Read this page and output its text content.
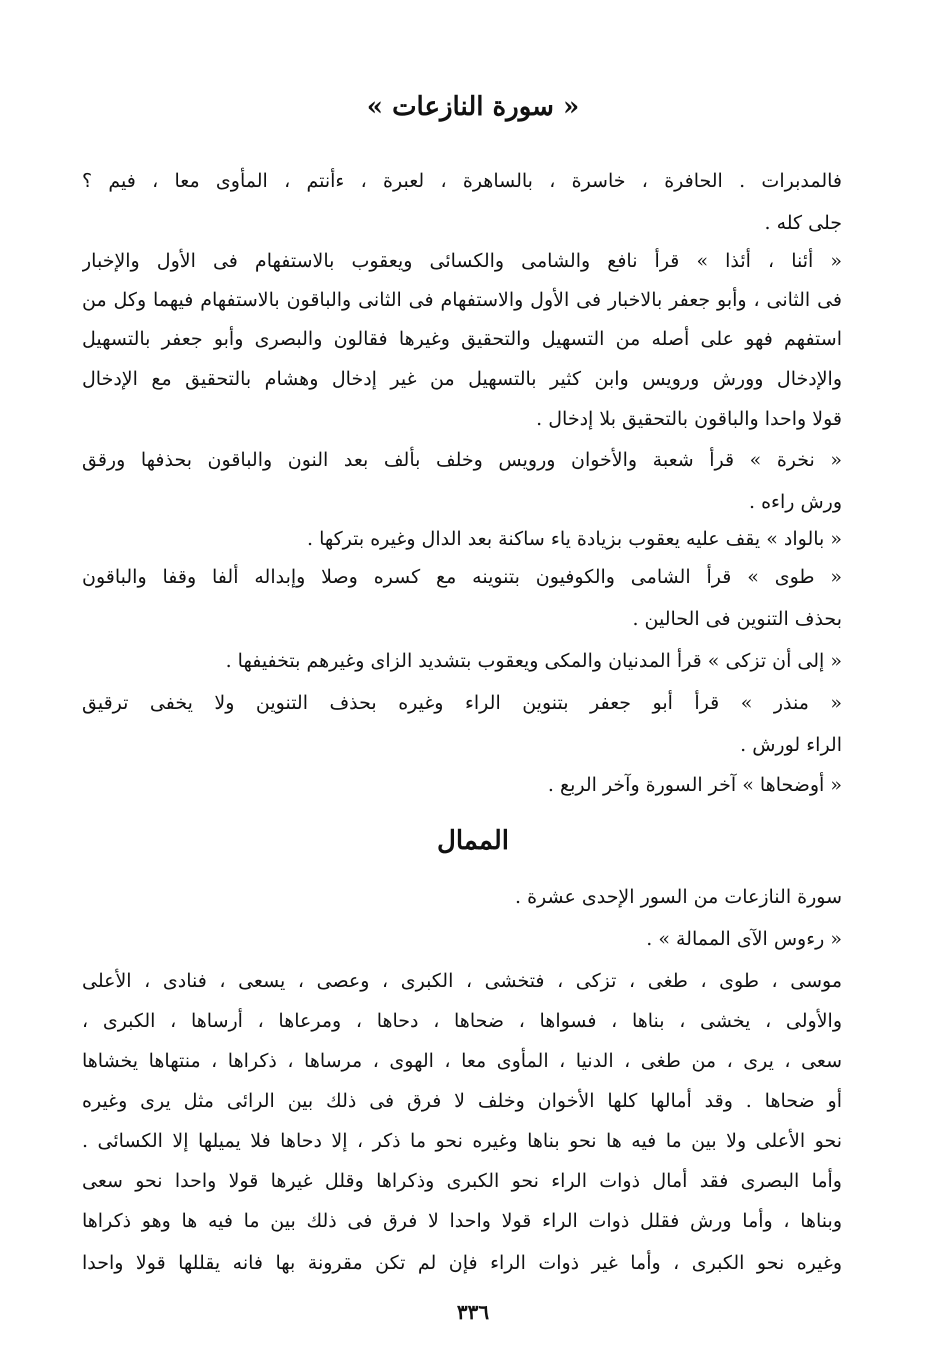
« سورة النازعات »
فالمدبرات . الحافرة ، خاسرة ، بالساهرة ، لعبرة ، ءأنتم ، المأوى معا ، فيم ؟
جلى كله .
« أئنا ، أئذا » قرأ نافع والشامى والكسائى ويعقوب بالاستفهام فى الأول والإخبار
فى الثانى ، وأبو جعفر بالاخبار فى الأول والاستفهام فى الثانى والباقون بالاستفهام فيهما وكل من
استفهم فهو على أصله من التسهيل والتحقيق وغيرها فقالون والبصرى وأبو جعفر بالتسهيل
والإدخال وورش ورويس وابن كثير بالتسهيل من غير إدخال وهشام بالتحقيق مع الإدخال
قولا واحدا والباقون بالتحقيق بلا إدخال .
« نخرة » قرأ شعبة والأخوان ورويس وخلف بألف بعد النون والباقون بحذفها ورقق
ورش راءه .
« بالواد » يقف عليه يعقوب بزيادة ياء ساكنة بعد الدال وغيره بتركها .
« طوى » قرأ الشامى والكوفيون بتنوينه مع كسره وصلا وإبداله ألفا وقفا والباقون
بحذف التنوين فى الحالين .
« إلى أن تزكى » قرأ المدنيان والمكى ويعقوب بتشديد الزاى وغيرهم بتخفيفها .
« منذر » قرأ أبو جعفر بتنوين الراء وغيره بحذف التنوين ولا يخفى ترقيق
الراء لورش .
« أوضحاها » آخر السورة وآخر الربع .
الممال
سورة النازعات من السور الإحدى عشرة .
« رءوس الآى الممالة » .
موسى ، طوى ، طغى ، تزكى ، فتخشى ، الكبرى ، وعصى ، يسعى ، فنادى ، الأعلى
والأولى ، يخشى ، بناها ، فسواها ، ضحاها ، دحاها ، ومرعاها ، أرساها ، الكبرى ،
سعى ، يرى ، من طغى ، الدنيا ، المأوى معا ، الهوى ، مرساها ، ذكراها ، منتهاها يخشاها
أو ضحاها . وقد أمالها كلها الأخوان وخلف لا فرق فى ذلك بين الرائى مثل يرى وغيره
نحو الأعلى ولا بين ما فيه ها نحو بناها وغيره نحو ما ذكر ، إلا دحاها فلا يميلها إلا الكسائى .
وأما البصرى فقد أمال ذوات الراء نحو الكبرى وذكراها وقلل غيرها قولا واحدا نحو سعى
وبناها ، وأما ورش فقلل ذوات الراء قولا واحدا لا فرق فى ذلك بين ما فيه ها وهو ذكراها
وغيره نحو الكبرى ، وأما غير ذوات الراء فإن لم تكن مقرونة بها فانه يقللها قولا واحدا
٣٣٦
